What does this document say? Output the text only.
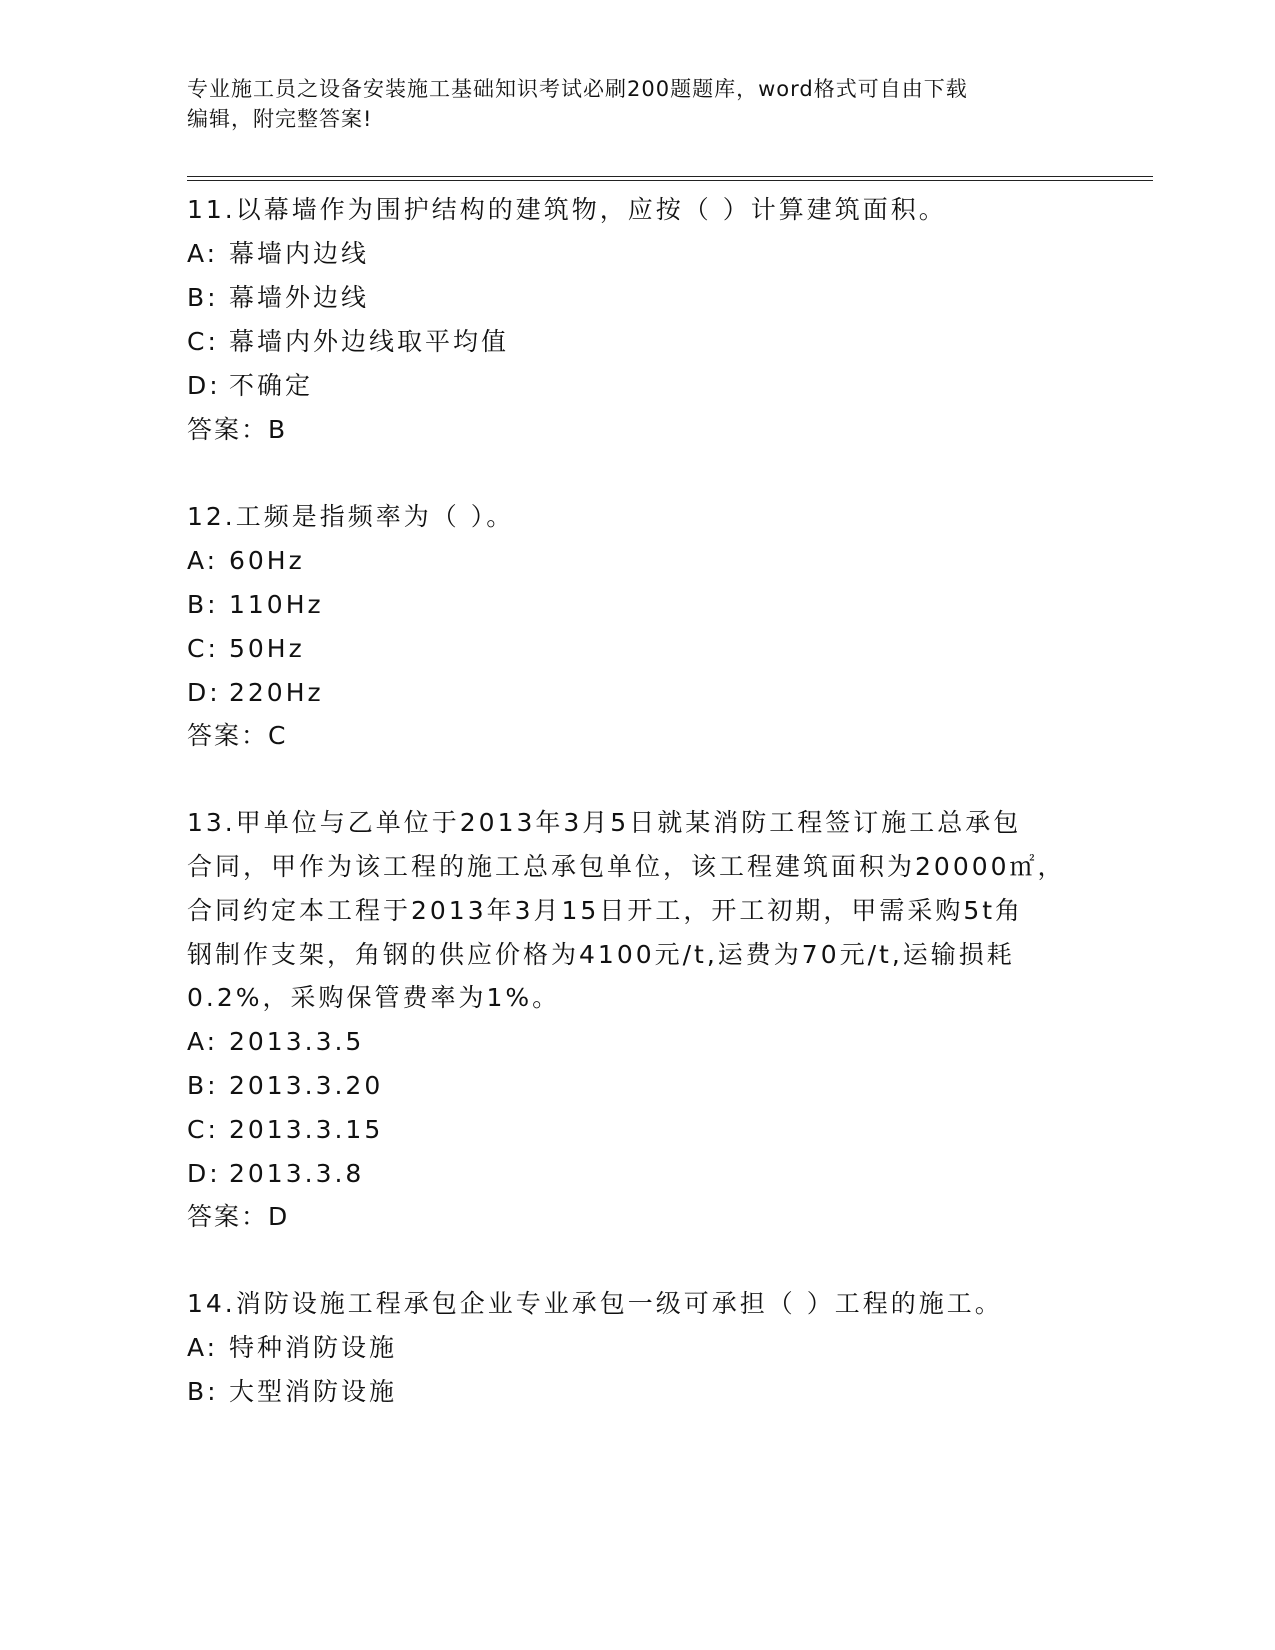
专业施工员之设备安装施工基础知识考试必刷200题题库，word格式可自由下载
编辑，附完整答案!
11.以幕墙作为围护结构的建筑物，应按（ ）计算建筑面积。
A: 幕墙内边线
B: 幕墙外边线
C: 幕墙内外边线取平均值
D: 不确定
答案：B
12.工频是指频率为（ ）。
A: 60Hz
B: 110Hz
C: 50Hz
D: 220Hz
答案：C
13.甲单位与乙单位于2013年3月5日就某消防工程签订施工总承包
合同，甲作为该工程的施工总承包单位，该工程建筑面积为20000㎡，
合同约定本工程于2013年3月15日开工，开工初期，甲需采购5t角
钢制作支架，角钢的供应价格为4100元/t,运费为70元/t,运输损耗
0.2%，采购保管费率为1%。
A: 2013.3.5
B: 2013.3.20
C: 2013.3.15
D: 2013.3.8
答案：D
14.消防设施工程承包企业专业承包一级可承担（ ）工程的施工。
A: 特种消防设施
B: 大型消防设施
